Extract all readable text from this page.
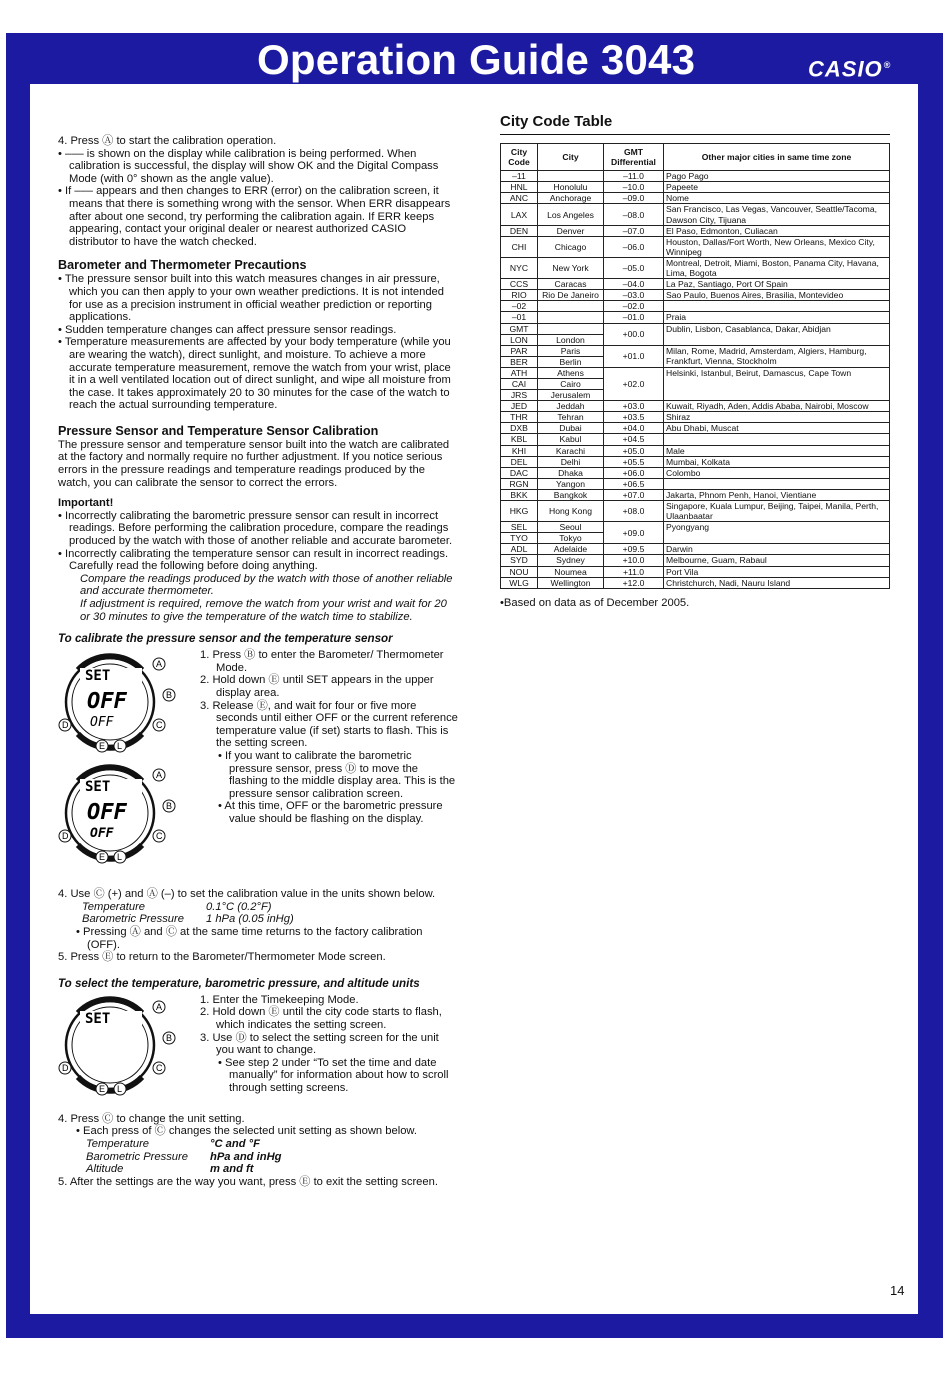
Operation Guide 3043	CASIO®

4. Press Ⓐ to start the calibration operation.

• ––– is shown on the display while calibration is being performed. When calibration is successful, the display will show OK and the Digital Compass Mode (with 0° shown as the angle value).

• If ––– appears and then changes to ERR (error) on the calibration screen, it means that there is something wrong with the sensor. When ERR disappears after about one second, try performing the calibration again. If ERR keeps appearing, contact your original dealer or nearest authorized CASIO distributor to have the watch checked.

Barometer and Thermometer Precautions

• The pressure sensor built into this watch measures changes in air pressure, which you can then apply to your own weather predictions. It is not intended for use as a precision instrument in official weather prediction or reporting applications.

• Sudden temperature changes can affect pressure sensor readings.

• Temperature measurements are affected by your body temperature (while you are wearing the watch), direct sunlight, and moisture. To achieve a more accurate temperature measurement, remove the watch from your wrist, place it in a well ventilated location out of direct sunlight, and wipe all moisture from the case. It takes approximately 20 to 30 minutes for the case of the watch to reach the actual surrounding temperature.

Pressure Sensor and Temperature Sensor Calibration

The pressure sensor and temperature sensor built into the watch are calibrated at the factory and normally require no further adjustment. If you notice serious errors in the pressure readings and temperature readings produced by the watch, you can calibrate the sensor to correct the errors.

Important!

• Incorrectly calibrating the barometric pressure sensor can result in incorrect readings. Before performing the calibration procedure, compare the readings produced by the watch with those of another reliable and accurate barometer.

• Incorrectly calibrating the temperature sensor can result in incorrect readings. Carefully read the following before doing anything.

Compare the readings produced by the watch with those of another reliable and accurate thermometer.

If adjustment is required, remove the watch from your wrist and wait for 20 or 30 minutes to give the temperature of the watch time to stabilize.

To calibrate the pressure sensor and the temperature sensor

SET
OFF
OFF
A
B
C
D
E L
SET
OFF
OFF
A
B
C
D
E L

1. Press Ⓑ to enter the Barometer/ Thermometer Mode.

2. Hold down Ⓔ until SET appears in the upper display area.

3. Release Ⓔ, and wait for four or five more seconds until either OFF or the current reference temperature value (if set) starts to flash. This is the setting screen.

• If you want to calibrate the barometric pressure sensor, press Ⓓ to move the flashing to the middle display area. This is the pressure sensor calibration screen.

• At this time, OFF or the barometric pressure value should be flashing on the display.

4. Use Ⓒ (+) and Ⓐ (–) to set the calibration value in the units shown below.

Temperature	0.1°C (0.2°F)
Barometric Pressure	1 hPa (0.05 inHg)

• Pressing Ⓐ and Ⓒ at the same time returns to the factory calibration (OFF).

5. Press Ⓔ to return to the Barometer/Thermometer Mode screen.

To select the temperature, barometric pressure, and altitude units

SET
A
B
C
D
E L

1. Enter the Timekeeping Mode.

2. Hold down Ⓔ until the city code starts to flash, which indicates the setting screen.

3. Use Ⓓ to select the setting screen for the unit you want to change.

• See step 2 under “To set the time and date manually” for information about how to scroll through setting screens.

4. Press Ⓒ to change the unit setting.

• Each press of Ⓒ changes the selected unit setting as shown below.

Temperature	°C and °F
Barometric Pressure	hPa and inHg
Altitude	m and ft

5. After the settings are the way you want, press Ⓔ to exit the setting screen.

City Code Table

City Code	City	GMT Differential	Other major cities in same time zone
–11		–11.0	Pago Pago
HNL	Honolulu	–10.0	Papeete
ANC	Anchorage	–09.0	Nome
LAX	Los Angeles	–08.0	San Francisco, Las Vegas, Vancouver, Seattle/Tacoma, Dawson City, Tijuana
DEN	Denver	–07.0	El Paso, Edmonton, Culiacan
CHI	Chicago	–06.0	Houston, Dallas/Fort Worth, New Orleans, Mexico City, Winnipeg
NYC	New York	–05.0	Montreal, Detroit, Miami, Boston, Panama City, Havana, Lima, Bogota
CCS	Caracas	–04.0	La Paz, Santiago, Port Of Spain
RIO	Rio De Janeiro	–03.0	Sao Paulo, Buenos Aires, Brasilia, Montevideo
–02		–02.0	
–01		–01.0	Praia
GMT		+00.0	Dublin, Lisbon, Casablanca, Dakar, Abidjan
LON	London		
PAR	Paris	+01.0	Milan, Rome, Madrid, Amsterdam, Algiers, Hamburg, Frankfurt, Vienna, Stockholm
BER	Berlin		
ATH	Athens	+02.0	Helsinki, Istanbul, Beirut, Damascus, Cape Town
CAI	Cairo		
JRS	Jerusalem		
JED	Jeddah	+03.0	Kuwait, Riyadh, Aden, Addis Ababa, Nairobi, Moscow
THR	Tehran	+03.5	Shiraz
DXB	Dubai	+04.0	Abu Dhabi, Muscat
KBL	Kabul	+04.5	
KHI	Karachi	+05.0	Male
DEL	Delhi	+05.5	Mumbai, Kolkata
DAC	Dhaka	+06.0	Colombo
RGN	Yangon	+06.5	
BKK	Bangkok	+07.0	Jakarta, Phnom Penh, Hanoi, Vientiane
HKG	Hong Kong	+08.0	Singapore, Kuala Lumpur, Beijing, Taipei, Manila, Perth, Ulaanbaatar
SEL	Seoul	+09.0	Pyongyang
TYO	Tokyo		
ADL	Adelaide	+09.5	Darwin
SYD	Sydney	+10.0	Melbourne, Guam, Rabaul
NOU	Noumea	+11.0	Port Vila
WLG	Wellington	+12.0	Christchurch, Nadi, Nauru Island

•Based on data as of December 2005.

14
